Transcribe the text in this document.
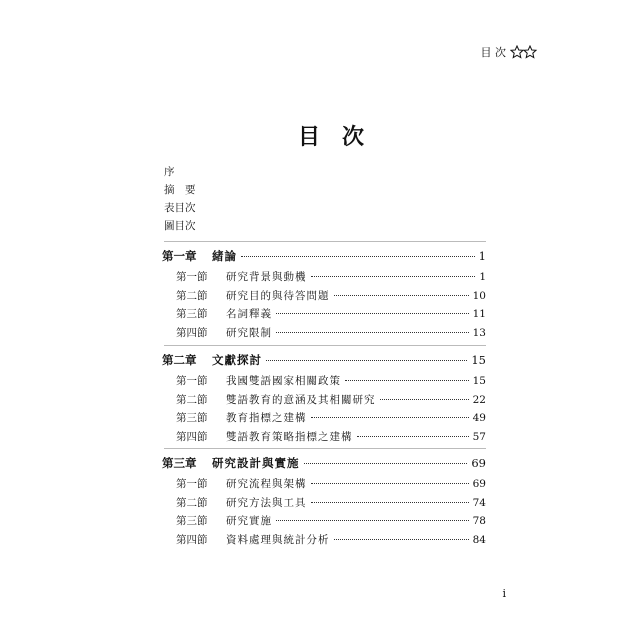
目 次
目次
序
摘　要
表目次
圖目次
第一章	緒論	1
第一節	研究背景與動機	1
第二節	研究目的與待答問題	10
第三節	名詞釋義	11
第四節	研究限制	13
第二章	文獻探討	15
第一節	我國雙語國家相關政策	15
第二節	雙語教育的意涵及其相關研究	22
第三節	教育指標之建構	49
第四節	雙語教育策略指標之建構	57
第三章	研究設計與實施	69
第一節	研究流程與架構	69
第二節	研究方法與工具	74
第三節	研究實施	78
第四節	資料處理與統計分析	84
i
